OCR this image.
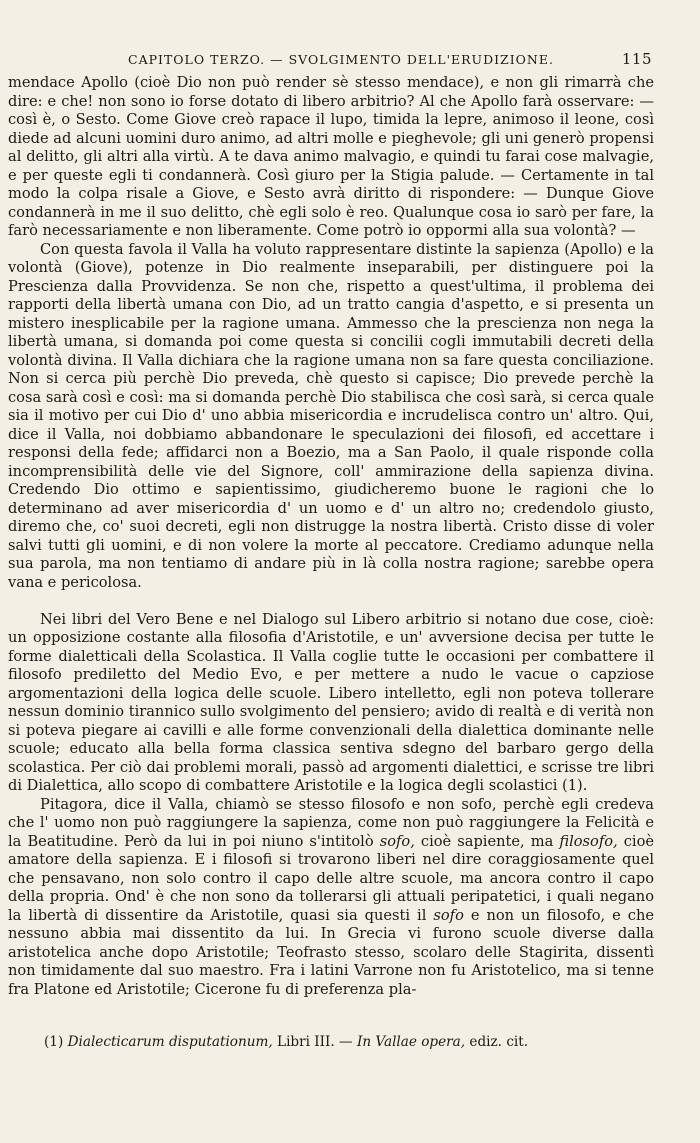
CAPITOLO TERZO. — SVOLGIMENTO DELL'ERUDIZIONE.	115

mendace Apollo (cioè Dio non può render sè stesso mendace), e non gli rimarrà che dire: e che! non sono io forse dotato di libero arbitrio? Al che Apollo farà osservare: — così è, o Sesto. Come Giove creò rapace il lupo, timida la lepre, animoso il leone, così diede ad alcuni uomini duro animo, ad altri molle e pieghevole; gli uni generò propensi al delitto, gli altri alla virtù. A te dava animo malvagio, e quindi tu farai cose malvagie, e per queste egli ti condannerà. Così giuro per la Stigia palude. — Certamente in tal modo la colpa risale a Giove, e Sesto avrà diritto di rispondere: — Dunque Giove condannerà in me il suo delitto, chè egli solo è reo. Qualunque cosa io sarò per fare, la farò necessariamente e non liberamente. Come potrò io oppormi alla sua volontà? —

Con questa favola il Valla ha voluto rappresentare distinte la sapienza (Apollo) e la volontà (Giove), potenze in Dio realmente inseparabili, per distinguere poi la Prescienza dalla Provvidenza. Se non che, rispetto a quest'ultima, il problema dei rapporti della libertà umana con Dio, ad un tratto cangia d'aspetto, e si presenta un mistero inesplicabile per la ragione umana. Ammesso che la prescienza non nega la libertà umana, si domanda poi come questa si concilii cogli immutabili decreti della volontà divina. Il Valla dichiara che la ragione umana non sa fare questa conciliazione. Non si cerca più perchè Dio preveda, chè questo si capisce; Dio prevede perchè la cosa sarà così e così: ma si domanda perchè Dio stabilisca che così sarà, si cerca quale sia il motivo per cui Dio d' uno abbia misericordia e incrudelisca contro un' altro. Qui, dice il Valla, noi dobbiamo abbandonare le speculazioni dei filosofi, ed accettare i responsi della fede; affidarci non a Boezio, ma a San Paolo, il quale risponde colla incomprensibilità delle vie del Signore, coll' ammirazione della sapienza divina. Credendo Dio ottimo e sapientissimo, giudicheremo buone le ragioni che lo determinano ad aver misericordia d' un uomo e d' un altro no; credendolo giusto, diremo che, co' suoi decreti, egli non distrugge la nostra libertà. Cristo disse di voler salvi tutti gli uomini, e di non volere la morte al peccatore. Crediamo adunque nella sua parola, ma non tentiamo di andare più in là colla nostra ragione; sarebbe opera vana e pericolosa.

Nei libri del Vero Bene e nel Dialogo sul Libero arbitrio si notano due cose, cioè: un opposizione costante alla filosofia d'Aristotile, e un' avversione decisa per tutte le forme dialetticali della Scolastica. Il Valla coglie tutte le occasioni per combattere il filosofo prediletto del Medio Evo, e per mettere a nudo le vacue o capziose argomentazioni della logica delle scuole. Libero intelletto, egli non poteva tollerare nessun dominio tirannico sullo svolgimento del pensiero; avido di realtà e di verità non si poteva piegare ai cavilli e alle forme convenzionali della dialettica dominante nelle scuole; educato alla bella forma classica sentiva sdegno del barbaro gergo della scolastica. Per ciò dai problemi morali, passò ad argomenti dialettici, e scrisse tre libri di Dialettica, allo scopo di combattere Aristotile e la logica degli scolastici (1).

Pitagora, dice il Valla, chiamò se stesso filosofo e non sofo, perchè egli credeva che l' uomo non può raggiungere la sapienza, come non può raggiungere la Felicità e la Beatitudine. Però da lui in poi niuno s'intitolò sofo, cioè sapiente, ma filosofo, cioè amatore della sapienza. E i filosofi si trovarono liberi nel dire coraggiosamente quel che pensavano, non solo contro il capo delle altre scuole, ma ancora contro il capo della propria. Ond' è che non sono da tollerarsi gli attuali peripatetici, i quali negano la libertà di dissentire da Aristotile, quasi sia questi il sofo e non un filosofo, e che nessuno abbia mai dissentito da lui. In Grecia vi furono scuole diverse dalla aristotelica anche dopo Aristotile; Teofrasto stesso, scolaro delle Stagirita, dissentì non timidamente dal suo maestro. Fra i latini Varrone non fu Aristotelico, ma si tenne fra Platone ed Aristotile; Cicerone fu di preferenza pla-

(1) Dialecticarum disputationum, Libri III. — In Vallae opera, ediz. cit.
